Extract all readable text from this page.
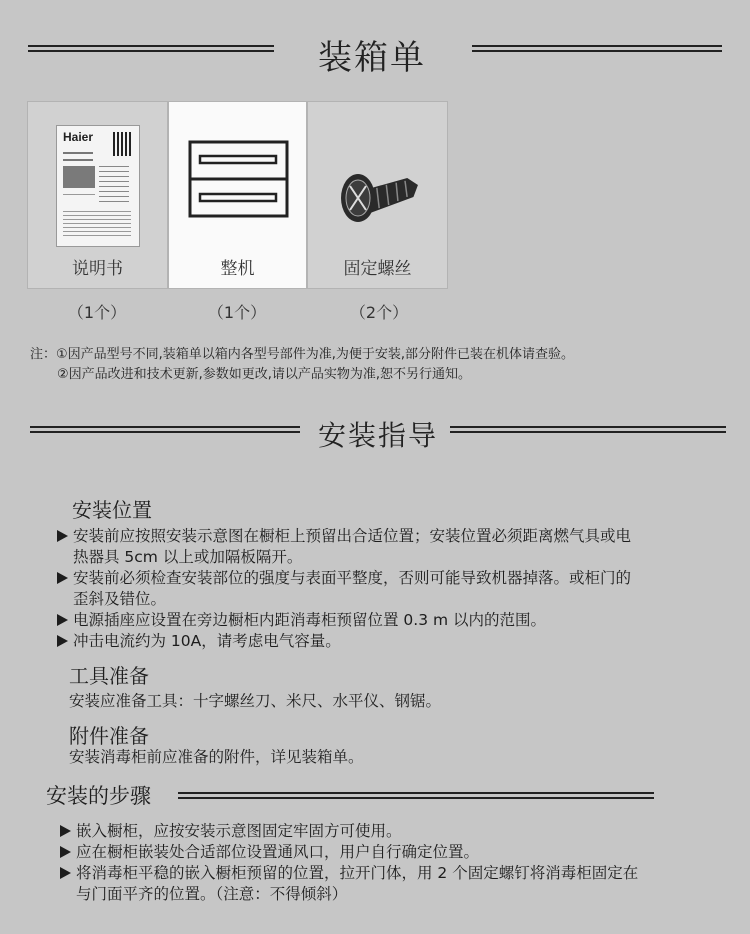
装箱单
Haier
说明书	整机	固定螺丝
（1个）	（1个）	（2个）
注：①因产品型号不同,装箱单以箱内各型号部件为准,为便于安装,部分附件已装在机体请查验。
②因产品改进和技术更新,参数如更改,请以产品实物为准,恕不另行通知。
安装指导
安装位置
安装前应按照安装示意图在橱柜上预留出合适位置；安装位置必须距离燃气具或电
热器具 5cm 以上或加隔板隔开。
安装前必须检查安装部位的强度与表面平整度，否则可能导致机器掉落。或柜门的
歪斜及错位。
电源插座应设置在旁边橱柜内距消毒柜预留位置 0.3 m 以内的范围。
冲击电流约为 10A，请考虑电气容量。
工具准备
安装应准备工具：十字螺丝刀、米尺、水平仪、钢锯。
附件准备
安装消毒柜前应准备的附件，详见装箱单。
安装的步骤
嵌入橱柜，应按安装示意图固定牢固方可使用。
应在橱柜嵌装处合适部位设置通风口，用户自行确定位置。
将消毒柜平稳的嵌入橱柜预留的位置，拉开门体，用 2 个固定螺钉将消毒柜固定在
与门面平齐的位置。（注意：不得倾斜）
